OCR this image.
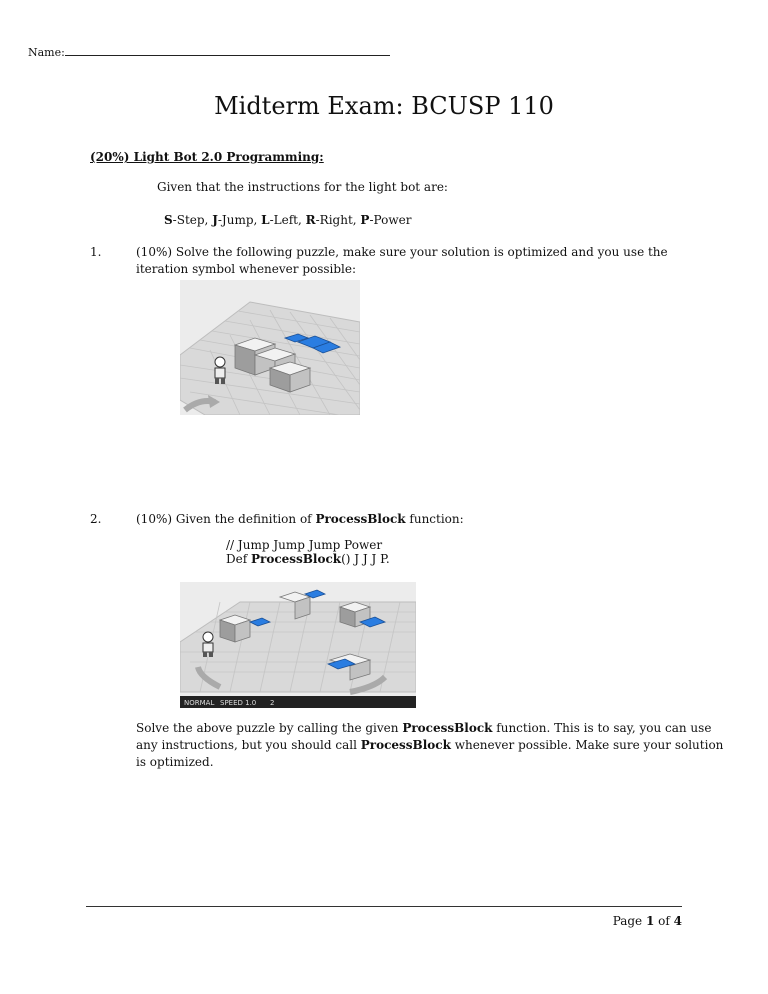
Name:
Midterm Exam: BCUSP 110
(20%) Light Bot 2.0 Programming:
Given that the instructions for the light bot are:
S-Step, J-Jump, L-Left, R-Right, P-Power
1.	(10%) Solve the following puzzle, make sure your solution is optimized and you use the iteration symbol whenever possible:
2.	(10%) Given the definition of ProcessBlock function:
// Jump Jump Jump Power
Def ProcessBlock() J J J P.
NORMAL SPEED 1.0 2
Solve the above puzzle by calling the given ProcessBlock function. This is to say, you can use any instructions, but you should call ProcessBlock whenever possible. Make sure your solution is optimized.
Page 1 of 4
